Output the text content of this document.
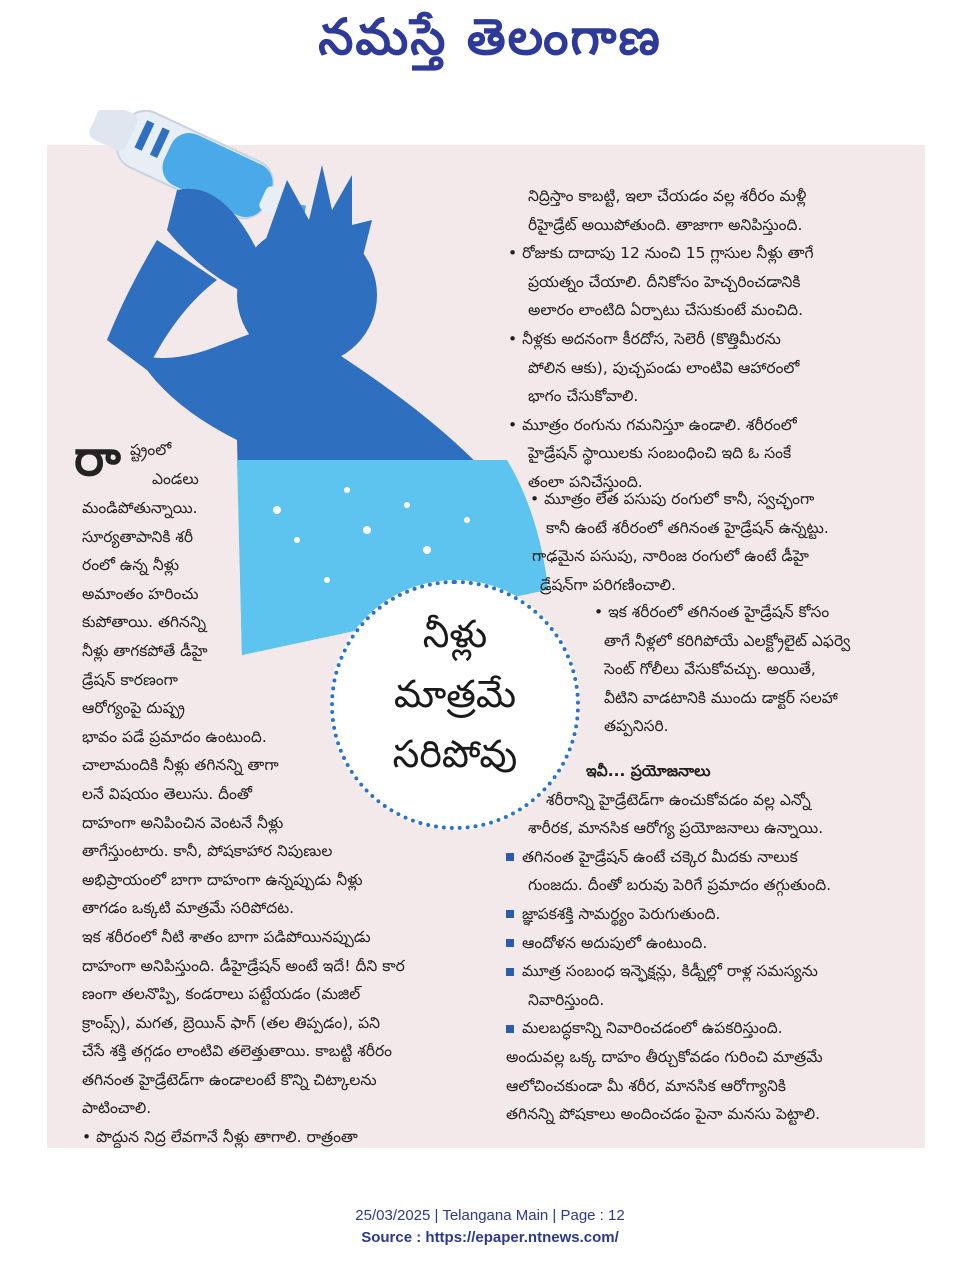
నమస్తే తెలంగాణ
నీళ్లు
మాత్రమే
సరిపోవు
రా ష్ట్రంలో
ఎండలు
మండిపోతున్నాయి.
సూర్యతాపానికి శరీ
రంలో ఉన్న నీళ్లు
అమాంతం హరించు
కుపోతాయి. తగినన్ని
నీళ్లు తాగకపోతే డీహై
డ్రేషన్ కారణంగా
ఆరోగ్యంపై దుష్ప్ర
భావం పడే ప్రమాదం ఉంటుంది.
చాలామందికి నీళ్లు తగినన్ని తాగా
లనే విషయం తెలుసు. దీంతో
దాహంగా అనిపించిన వెంటనే నీళ్లు
తాగేస్తుంటారు. కానీ, పోషకాహార నిపుణుల
అభిప్రాయంలో బాగా దాహంగా ఉన్నప్పుడు నీళ్లు
తాగడం ఒక్కటి మాత్రమే సరిపోదట.
ఇక శరీరంలో నీటి శాతం బాగా పడిపోయినప్పుడు
దాహంగా అనిపిస్తుంది. డీహైడ్రేషన్ అంటే ఇదే! దీని కార
ణంగా తలనొప్పి, కండరాలు పట్టేయడం (మజిల్
క్రాంప్స్), మగత, బ్రెయిన్ ఫాగ్ (తల తిప్పడం), పని
చేసే శక్తి తగ్గడం లాంటివి తలెత్తుతాయి. కాబట్టి శరీరం
తగినంత హైడ్రేటెడ్‌గా ఉండాలంటే కొన్ని చిట్కాలను
పాటించాలి.
• పొద్దున నిద్ర లేవగానే నీళ్లు తాగాలి. రాత్రంతా
నిద్రిస్తాం కాబట్టి, ఇలా చేయడం వల్ల శరీరం మళ్లీ
రీహైడ్రేట్ అయిపోతుంది. తాజాగా అనిపిస్తుంది.
• రోజుకు దాదాపు 12 నుంచి 15 గ్లాసుల నీళ్లు తాగే
ప్రయత్నం చేయాలి. దీనికోసం హెచ్చరించడానికి
అలారం లాంటిది ఏర్పాటు చేసుకుంటే మంచిది.
• నీళ్లకు అదనంగా కీరదోస, సెలెరీ (కొత్తిమీరను
పోలిన ఆకు), పుచ్చపండు లాంటివి ఆహారంలో
భాగం చేసుకోవాలి.
• మూత్రం రంగును గమనిస్తూ ఉండాలి. శరీరంలో
హైడ్రేషన్ స్థాయిలకు సంబంధించి ఇది ఓ సంకే
తంలా పనిచేస్తుంది.
• మూత్రం లేత పసుపు రంగులో కానీ, స్వచ్ఛంగా
కానీ ఉంటే శరీరంలో తగినంత హైడ్రేషన్ ఉన్నట్టు.
గాఢమైన పసుపు, నారింజ రంగులో ఉంటే డీహై
డ్రేషన్‌గా పరిగణించాలి.
• ఇక శరీరంలో తగినంత హైడ్రేషన్ కోసం
తాగే నీళ్లలో కరిగిపోయే ఎలక్ట్రోలైట్ ఎఫర్వె
సెంట్ గోలీలు వేసుకోవచ్చు. అయితే,
వీటిని వాడటానికి ముందు డాక్టర్ సలహా
తప్పనిసరి.
ఇవీ... ప్రయోజనాలు
శరీరాన్ని హైడ్రేటెడ్‌గా ఉంచుకోవడం వల్ల ఎన్నో
శారీరక, మానసిక ఆరోగ్య ప్రయోజనాలు ఉన్నాయి.
తగినంత హైడ్రేషన్ ఉంటే చక్కెర మీదకు నాలుక
గుంజదు. దీంతో బరువు పెరిగే ప్రమాదం తగ్గుతుంది.
జ్ఞాపకశక్తి సామర్థ్యం పెరుగుతుంది.
ఆందోళన అదుపులో ఉంటుంది.
మూత్ర సంబంధ ఇన్ఫెక్షన్లు, కిడ్నీల్లో రాళ్ల సమస్యను
నివారిస్తుంది.
మలబద్ధకాన్ని నివారించడంలో ఉపకరిస్తుంది.
అందువల్ల ఒక్క దాహం తీర్చుకోవడం గురించి మాత్రమే
ఆలోచించకుండా మీ శరీర, మానసిక ఆరోగ్యానికి
తగినన్ని పోషకాలు అందించడం పైనా మనసు పెట్టాలి.
25/03/2025 | Telangana Main | Page : 12
Source : https://epaper.ntnews.com/
